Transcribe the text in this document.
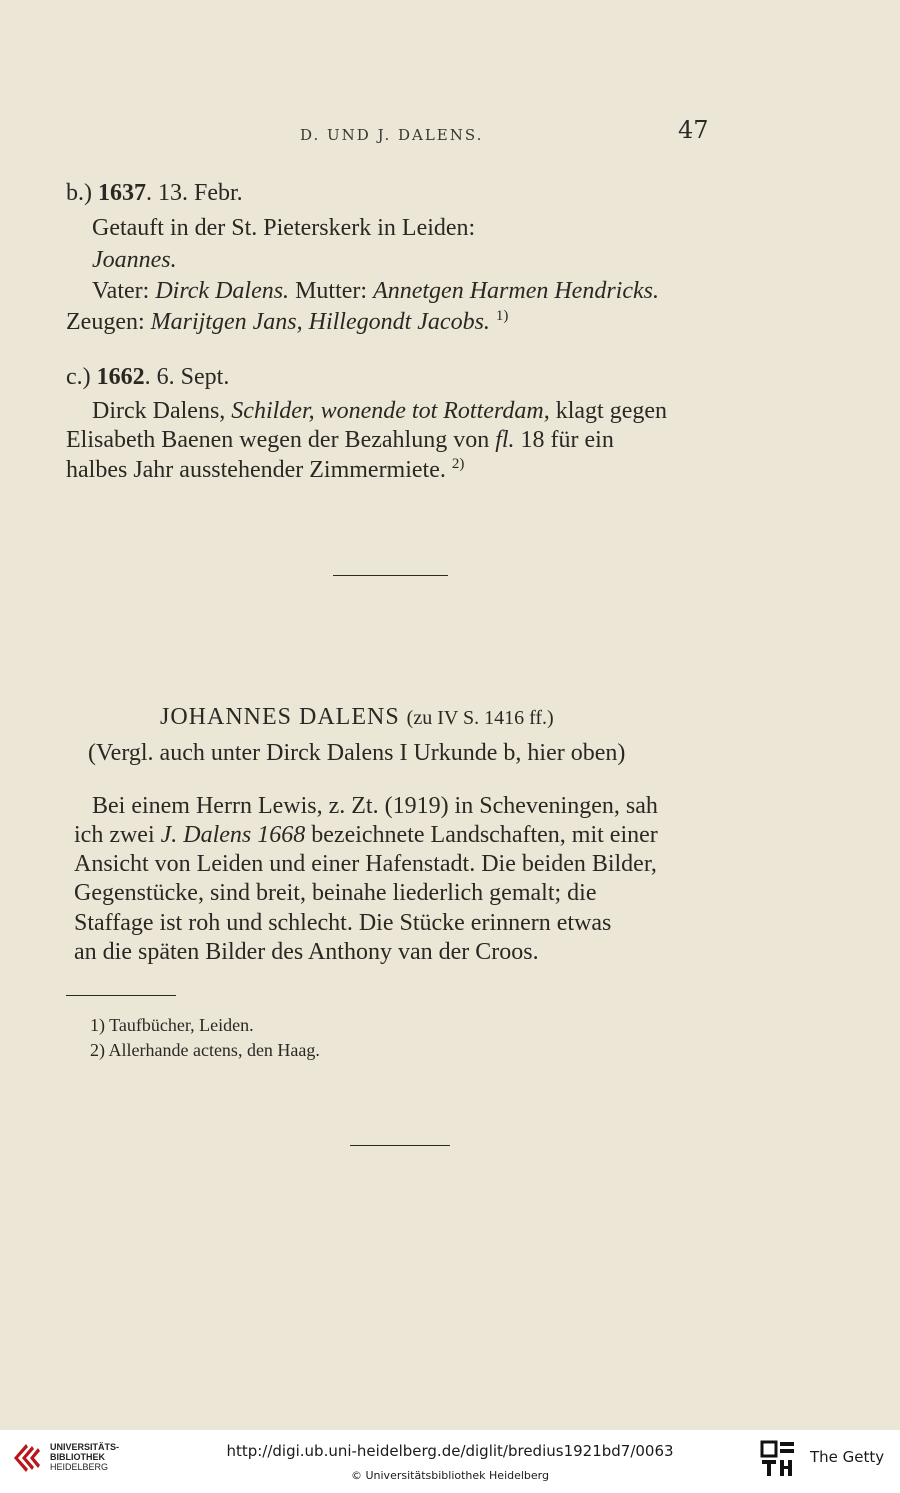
D. UND J. DALENS.	47
b.) 1637. 13. Febr.
Getauft in der St. Pieterskerk in Leiden:
Joannes.
Vater: Dirck Dalens. Mutter: Annetgen Harmen Hendricks.
Zeugen: Marijtgen Jans, Hillegondt Jacobs. $^{1)}$
c.) 1662. 6. Sept.
Dirck Dalens, Schilder, wonende tot Rotterdam, klagt gegen
Elisabeth Baenen wegen der Bezahlung von fl. 18 für ein
halbes Jahr ausstehender Zimmermiete. $^{2)}$
JOHANNES DALENS (zu IV S. 1416 ff.)
(Vergl. auch unter Dirck Dalens I Urkunde b, hier oben)
Bei einem Herrn Lewis, z. Zt. (1919) in Scheveningen, sah
ich zwei J. Dalens 1668 bezeichnete Landschaften, mit einer
Ansicht von Leiden und einer Hafenstadt. Die beiden Bilder,
Gegenstücke, sind breit, beinahe liederlich gemalt; die
Staffage ist roh und schlecht. Die Stücke erinnern etwas
an die späten Bilder des Anthony van der Croos.
1) Taufbücher, Leiden.
2) Allerhande actens, den Haag.
UNIVERSITÄTS-
BIBLIOTHEK
HEIDELBERG
http://digi.ub.uni-heidelberg.de/diglit/bredius1921bd7/0063
© Universitätsbibliothek Heidelberg
The Getty
